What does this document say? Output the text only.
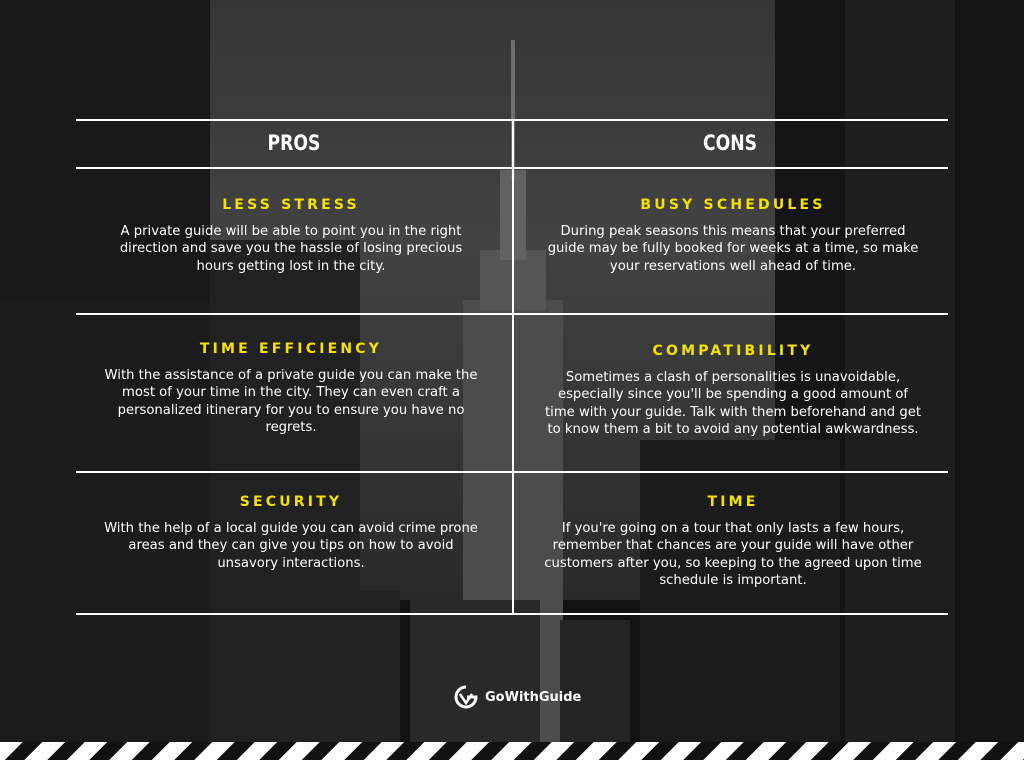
PROS	CONS
LESS STRESS
A private guide will be able to point you in the right direction and save you the hassle of losing precious hours getting lost in the city.
BUSY SCHEDULES
During peak seasons this means that your preferred guide may be fully booked for weeks at a time, so make your reservations well ahead of time.
TIME EFFICIENCY
With the assistance of a private guide you can make the most of your time in the city. They can even craft a personalized itinerary for you to ensure you have no regrets.
COMPATIBILITY
Sometimes a clash of personalities is unavoidable, especially since you'll be spending a good amount of time with your guide. Talk with them beforehand and get to know them a bit to avoid any potential awkwardness.
SECURITY
With the help of a local guide you can avoid crime prone areas and they can give you tips on how to avoid unsavory interactions.
TIME
If you're going on a tour that only lasts a few hours, remember that chances are your guide will have other customers after you, so keeping to the agreed upon time schedule is important.
GoWithGuide
